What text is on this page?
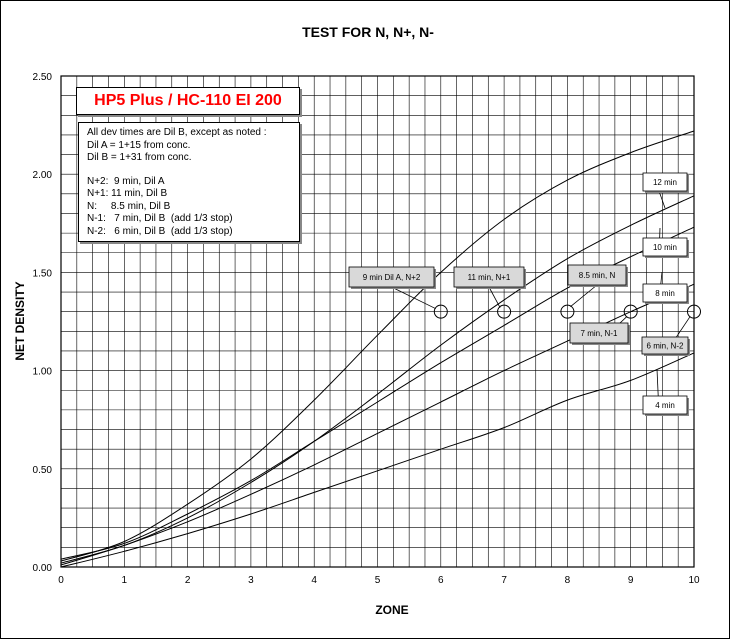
TEST FOR N, N+, N-
ZONE
NET DENSITY
0	1	2	3	4	5	6	7	8	9	10
0.00
0.50
1.00
1.50
2.00
2.50
9 min Dil A, N+2	11 min, N+1	8.5 min, N
7 min, N-1
6 min, N-2
12 min
10 min
8 min
4 min
HP5 Plus / HC-110 EI 200
All dev times are Dil B, except as noted :
Dil A = 1+15 from conc.
Dil B = 1+31 from conc.
N+2:  9 min, Dil A
N+1: 11 min, Dil B
N:     8.5 min, Dil B
N-1:   7 min, Dil B  (add 1/3 stop)
N-2:   6 min, Dil B  (add 1/3 stop)
